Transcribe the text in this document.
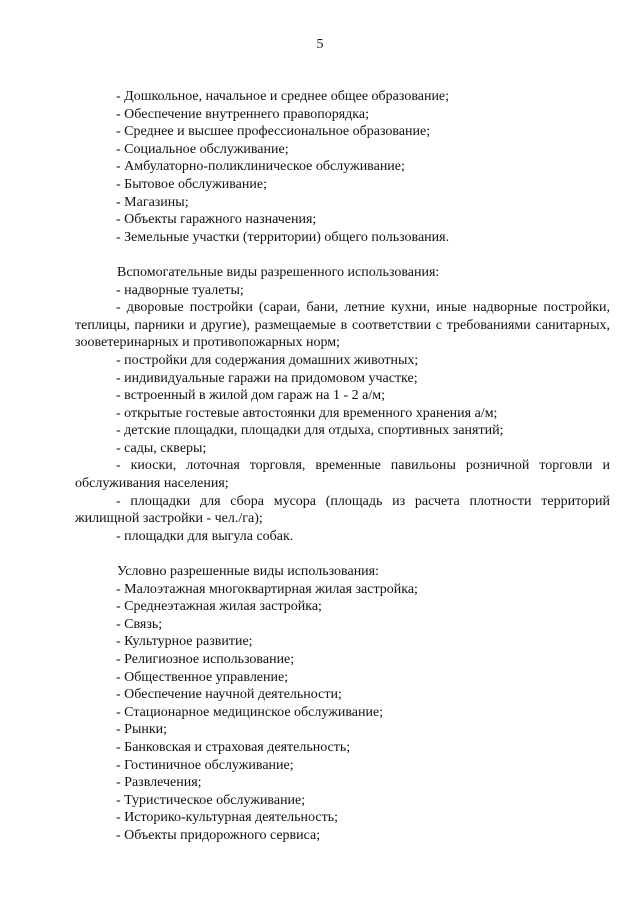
5

- Дошкольное, начальное и среднее общее образование;

- Обеспечение внутреннего правопорядка;

- Среднее и высшее профессиональное образование;

- Социальное обслуживание;

- Амбулаторно-поликлиническое обслуживание;

- Бытовое обслуживание;

- Магазины;

- Объекты гаражного назначения;

- Земельные участки (территории) общего пользования.

Вспомогательные виды разрешенного использования:

- надворные туалеты;

- дворовые постройки (сараи, бани, летние кухни, иные надворные постройки, теплицы, парники и другие), размещаемые в соответствии с требованиями санитарных, зооветеринарных и противопожарных норм;

- постройки для содержания домашних животных;

- индивидуальные гаражи на придомовом участке;

- встроенный в жилой дом гараж на 1 - 2 а/м;

- открытые гостевые автостоянки для временного хранения а/м;

- детские площадки, площадки для отдыха, спортивных занятий;

- сады, скверы;

- киоски, лоточная торговля, временные павильоны розничной торговли и обслуживания населения;

- площадки для сбора мусора (площадь из расчета плотности территорий жилищной застройки - чел./га);

- площадки для выгула собак.

Условно разрешенные виды использования:

- Малоэтажная многоквартирная жилая застройка;

- Среднеэтажная жилая застройка;

- Связь;

- Культурное развитие;

- Религиозное использование;

- Общественное управление;

- Обеспечение научной деятельности;

- Стационарное медицинское обслуживание;

- Рынки;

- Банковская и страховая деятельность;

- Гостиничное обслуживание;

- Развлечения;

- Туристическое обслуживание;

- Историко-культурная деятельность;

- Объекты придорожного сервиса;
